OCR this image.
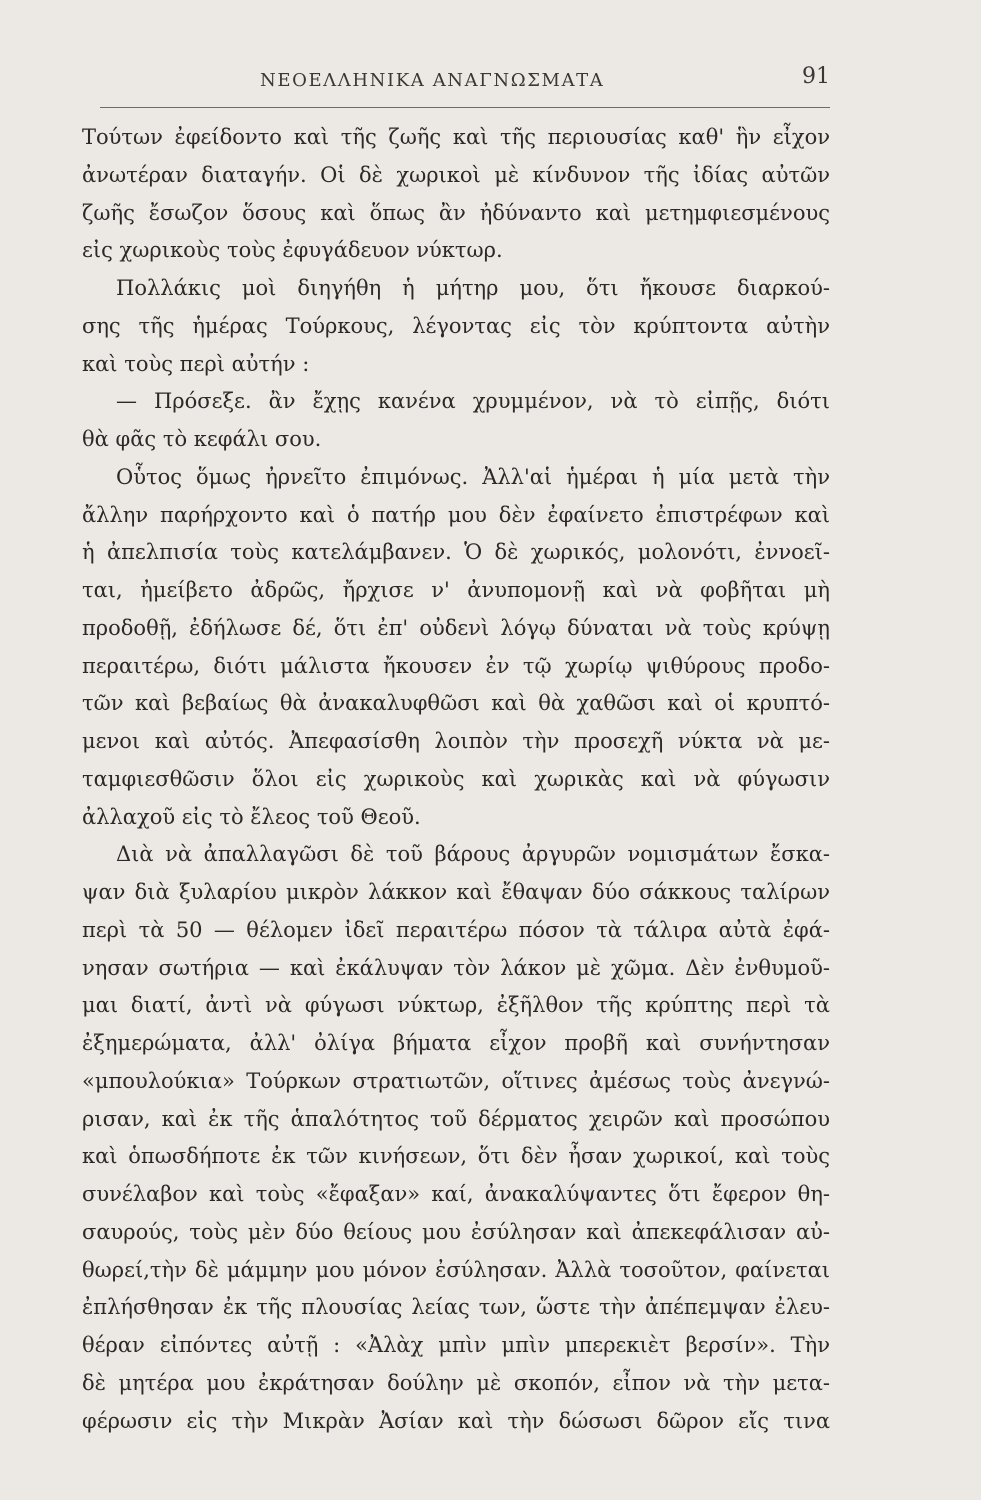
ΝΕΟΕΛΛΗΝΙΚΑ ΑΝΑΓΝΩΣΜΑΤΑ	91
Τούτων ἐφείδοντο καὶ τῆς ζωῆς καὶ τῆς περιουσίας καθ' ἣν εἶχον
ἀνωτέραν διαταγήν. Οἱ δὲ χωρικοὶ μὲ κίνδυνον τῆς ἰδίας αὐτῶν
ζωῆς ἔσωζον ὅσους καὶ ὅπως ἂν ἠδύναντο καὶ μετημφιεσμένους
εἰς χωρικοὺς τοὺς ἐφυγάδευον νύκτωρ.
Πολλάκις μοὶ διηγήθη ἡ μήτηρ μου, ὅτι ἤκουσε διαρκού-
σης τῆς ἡμέρας Τούρκους, λέγοντας εἰς τὸν κρύπτοντα αὐτὴν
καὶ τοὺς περὶ αὐτήν :
— Πρόσεξε. ἂν ἔχῃς κανένα χρυμμένον, νὰ τὸ εἰπῇς, διότι
θὰ φᾶς τὸ κεφάλι σου.
Οὗτος ὅμως ἠρνεῖτο ἐπιμόνως. Ἀλλ'αἱ ἡμέραι ἡ μία μετὰ τὴν
ἄλλην παρήρχοντο καὶ ὁ πατήρ μου δὲν ἐφαίνετο ἐπιστρέφων καὶ
ἡ ἀπελπισία τοὺς κατελάμβανεν. Ὁ δὲ χωρικός, μολονότι, ἐννοεῖ-
ται, ἠμείβετο ἀδρῶς, ἤρχισε ν' ἀνυπομονῇ καὶ νὰ φοβῆται μὴ
προδοθῇ, ἐδήλωσε δέ, ὅτι ἐπ' οὐδενὶ λόγῳ δύναται νὰ τοὺς κρύψῃ
περαιτέρω, διότι μάλιστα ἤκουσεν ἐν τῷ χωρίῳ ψιθύρους προδο-
τῶν καὶ βεβαίως θὰ ἀνακαλυφθῶσι καὶ θὰ χαθῶσι καὶ οἱ κρυπτό-
μενοι καὶ αὐτός. Ἀπεφασίσθη λοιπὸν τὴν προσεχῆ νύκτα νὰ με-
ταμφιεσθῶσιν ὅλοι εἰς χωρικοὺς καὶ χωρικὰς καὶ νὰ φύγωσιν
ἀλλαχοῦ εἰς τὸ ἔλεος τοῦ Θεοῦ.
Διὰ νὰ ἀπαλλαγῶσι δὲ τοῦ βάρους ἀργυρῶν νομισμάτων ἔσκα-
ψαν διὰ ξυλαρίου μικρὸν λάκκον καὶ ἔθαψαν δύο σάκκους ταλίρων
περὶ τὰ 50 — θέλομεν ἰδεῖ περαιτέρω πόσον τὰ τάλιρα αὐτὰ ἐφά-
νησαν σωτήρια — καὶ ἐκάλυψαν τὸν λάκον μὲ χῶμα. Δὲν ἐνθυμοῦ-
μαι διατί, ἀντὶ νὰ φύγωσι νύκτωρ, ἐξῆλθον τῆς κρύπτης περὶ τὰ
ἐξημερώματα, ἀλλ' ὀλίγα βήματα εἶχον προβῆ καὶ συνήντησαν
«μπουλούκια» Τούρκων στρατιωτῶν, οἵτινες ἀμέσως τοὺς ἀνεγνώ-
ρισαν, καὶ ἐκ τῆς ἁπαλότητος τοῦ δέρματος χειρῶν καὶ προσώπου
καὶ ὁπωσδήποτε ἐκ τῶν κινήσεων, ὅτι δὲν ἦσαν χωρικοί, καὶ τοὺς
συνέλαβον καὶ τοὺς «ἔφαξαν» καί, ἀνακαλύψαντες ὅτι ἔφερον θη-
σαυρούς, τοὺς μὲν δύο θείους μου ἐσύλησαν καὶ ἀπεκεφάλισαν αὐ-
θωρεί,τὴν δὲ μάμμην μου μόνον ἐσύλησαν. Ἀλλὰ τοσοῦτον, φαίνεται
ἐπλήσθησαν ἐκ τῆς πλουσίας λείας των, ὥστε τὴν ἀπέπεμψαν ἐλευ-
θέραν εἰπόντες αὐτῇ : «Ἀλὰχ μπὶν μπὶν μπερεκιὲτ βερσίν». Τὴν
δὲ μητέρα μου ἐκράτησαν δούλην μὲ σκοπόν, εἶπον νὰ τὴν μετα-
φέρωσιν εἰς τὴν Μικρὰν Ἀσίαν καὶ τὴν δώσωσι δῶρον εἴς τινα
